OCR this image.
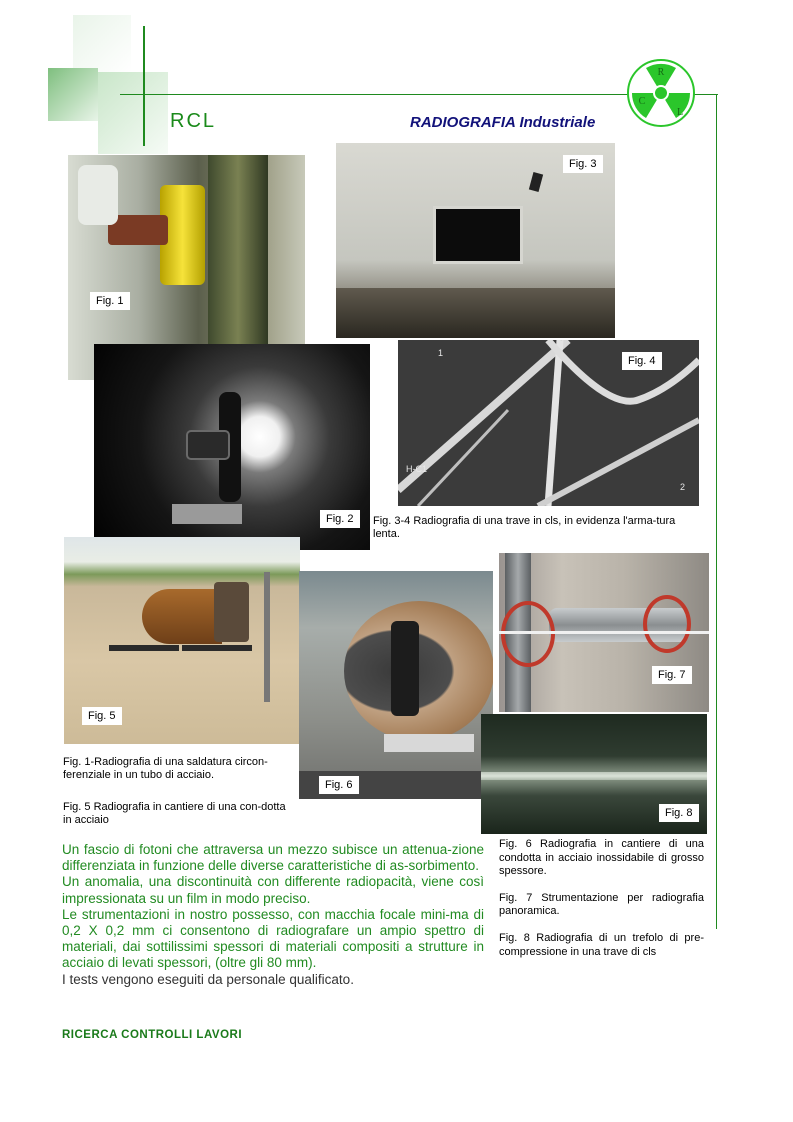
RCL	RADIOGRAFIA Industriale
R
C
L
Fig. 1
Fig. 3
Fig. 2
1
H-C1
2
Fig. 4
Fig. 3-4 Radiografia di una trave in cls, in evidenza l'arma-tura lenta.
Fig. 5
Fig. 6
Fig. 7
Fig. 8
Fig. 1-Radiografia di una saldatura circon-ferenziale in un tubo di acciaio.
Fig. 5 Radiografia in cantiere di una con-dotta in acciaio

Un fascio di fotoni che attraversa un mezzo subisce un attenua-zione differenziata in funzione delle diverse caratteristiche di as-sorbimento.

Un anomalia, una discontinuità con differente radiopacità, viene così impressionata su un film in modo preciso.

Le strumentazioni in nostro possesso, con macchia focale mini-ma di 0,2 X 0,2 mm ci consentono di radiografare un ampio spettro di materiali, dai sottilissimi spessori di materiali compositi a strutture in acciaio di levati spessori, (oltre gli 80 mm).

I tests vengono eseguiti da personale qualificato.

Fig. 6 Radiografia in cantiere di una condotta in acciaio inossidabile di grosso spessore.

Fig. 7 Strumentazione per radiografia panoramica.

Fig. 8 Radiografia di un trefolo di pre-compressione in una trave di cls

RICERCA CONTROLLI LAVORI
